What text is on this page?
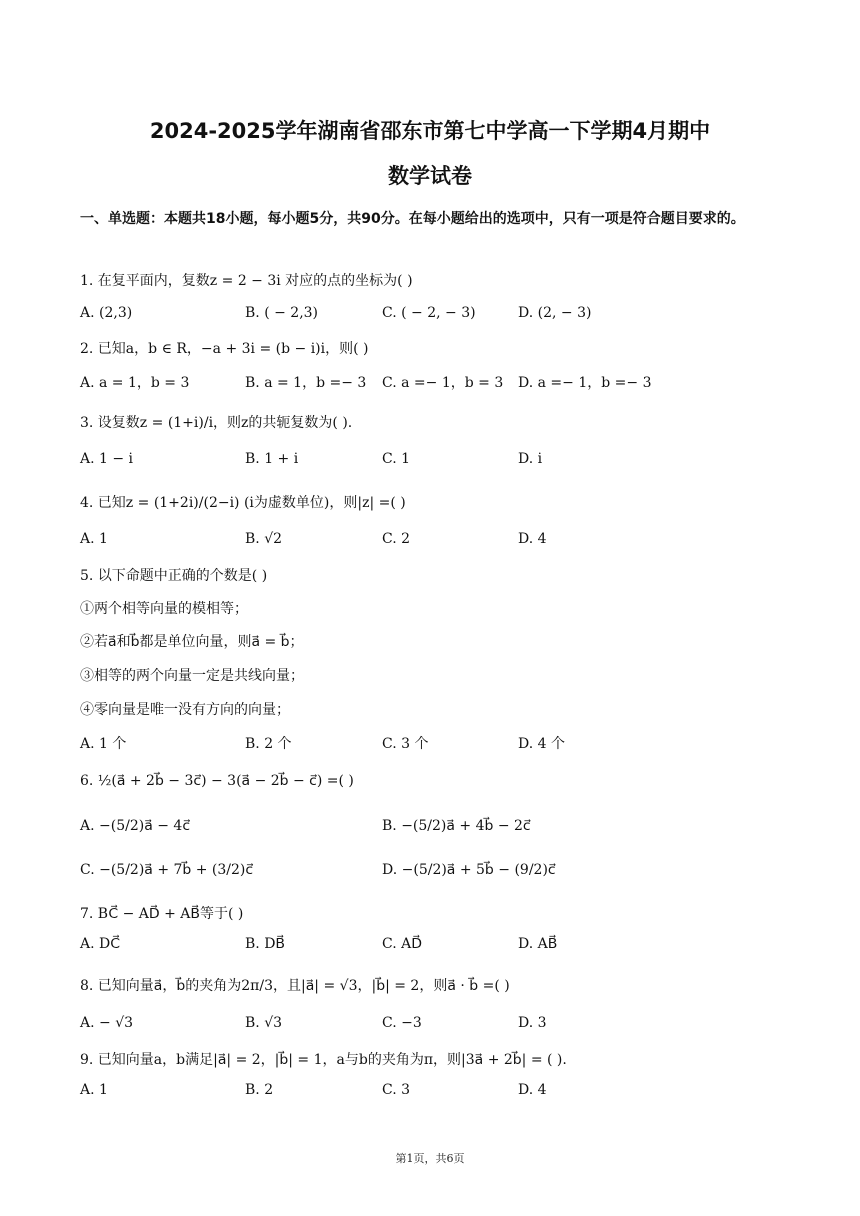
2024-2025学年湖南省邵东市第七中学高一下学期4月期中
数学试卷
一、单选题：本题共18小题，每小题5分，共90分。在每小题给出的选项中，只有一项是符合题目要求的。
1. 在复平面内，复数z = 2 − 3i 对应的点的坐标为( )
A. (2,3)	B. ( − 2,3)	C. ( − 2, − 3)	D. (2, − 3)
2. 已知a，b ∈ R，−a + 3i = (b − i)i，则( )
A. a = 1，b = 3	B. a = 1，b =− 3 C. a =− 1，b = 3 D. a =− 1，b =− 3
3. 设复数z = (1+i)/i，则z的共轭复数为( ).
A. 1 − i	B. 1 + i	C. 1	D. i
4. 已知z = (1+2i)/(2−i) (i为虚数单位)，则|z| =( )
A. 1	B. √2	C. 2	D. 4
5. 以下命题中正确的个数是( )
①两个相等向量的模相等；
②若a⃗和b⃗都是单位向量，则a⃗ = b⃗；
③相等的两个向量一定是共线向量；
④零向量是唯一没有方向的向量；
A. 1 个	B. 2 个	C. 3 个	D. 4 个
6. ½(a⃗ + 2b⃗ − 3c⃗) − 3(a⃗ − 2b⃗ − c⃗) =( )
A. −(5/2)a⃗ − 4c⃗	B. −(5/2)a⃗ + 4b⃗ − 2c⃗
C. −(5/2)a⃗ + 7b⃗ + (3/2)c⃗	D. −(5/2)a⃗ + 5b⃗ − (9/2)c⃗
7. BC⃗ − AD⃗ + AB⃗等于( )
A. DC⃗	B. DB⃗	C. AD⃗	D. AB⃗
8. 已知向量a⃗，b⃗的夹角为2π/3，且|a⃗| = √3，|b⃗| = 2，则a⃗ · b⃗ =( )
A. − √3	B. √3	C. −3	D. 3
9. 已知向量a，b满足|a⃗| = 2，|b⃗| = 1，a与b的夹角为π，则|3a⃗ + 2b⃗| = ( ).
A. 1	B. 2	C. 3	D. 4
第1页，共6页
